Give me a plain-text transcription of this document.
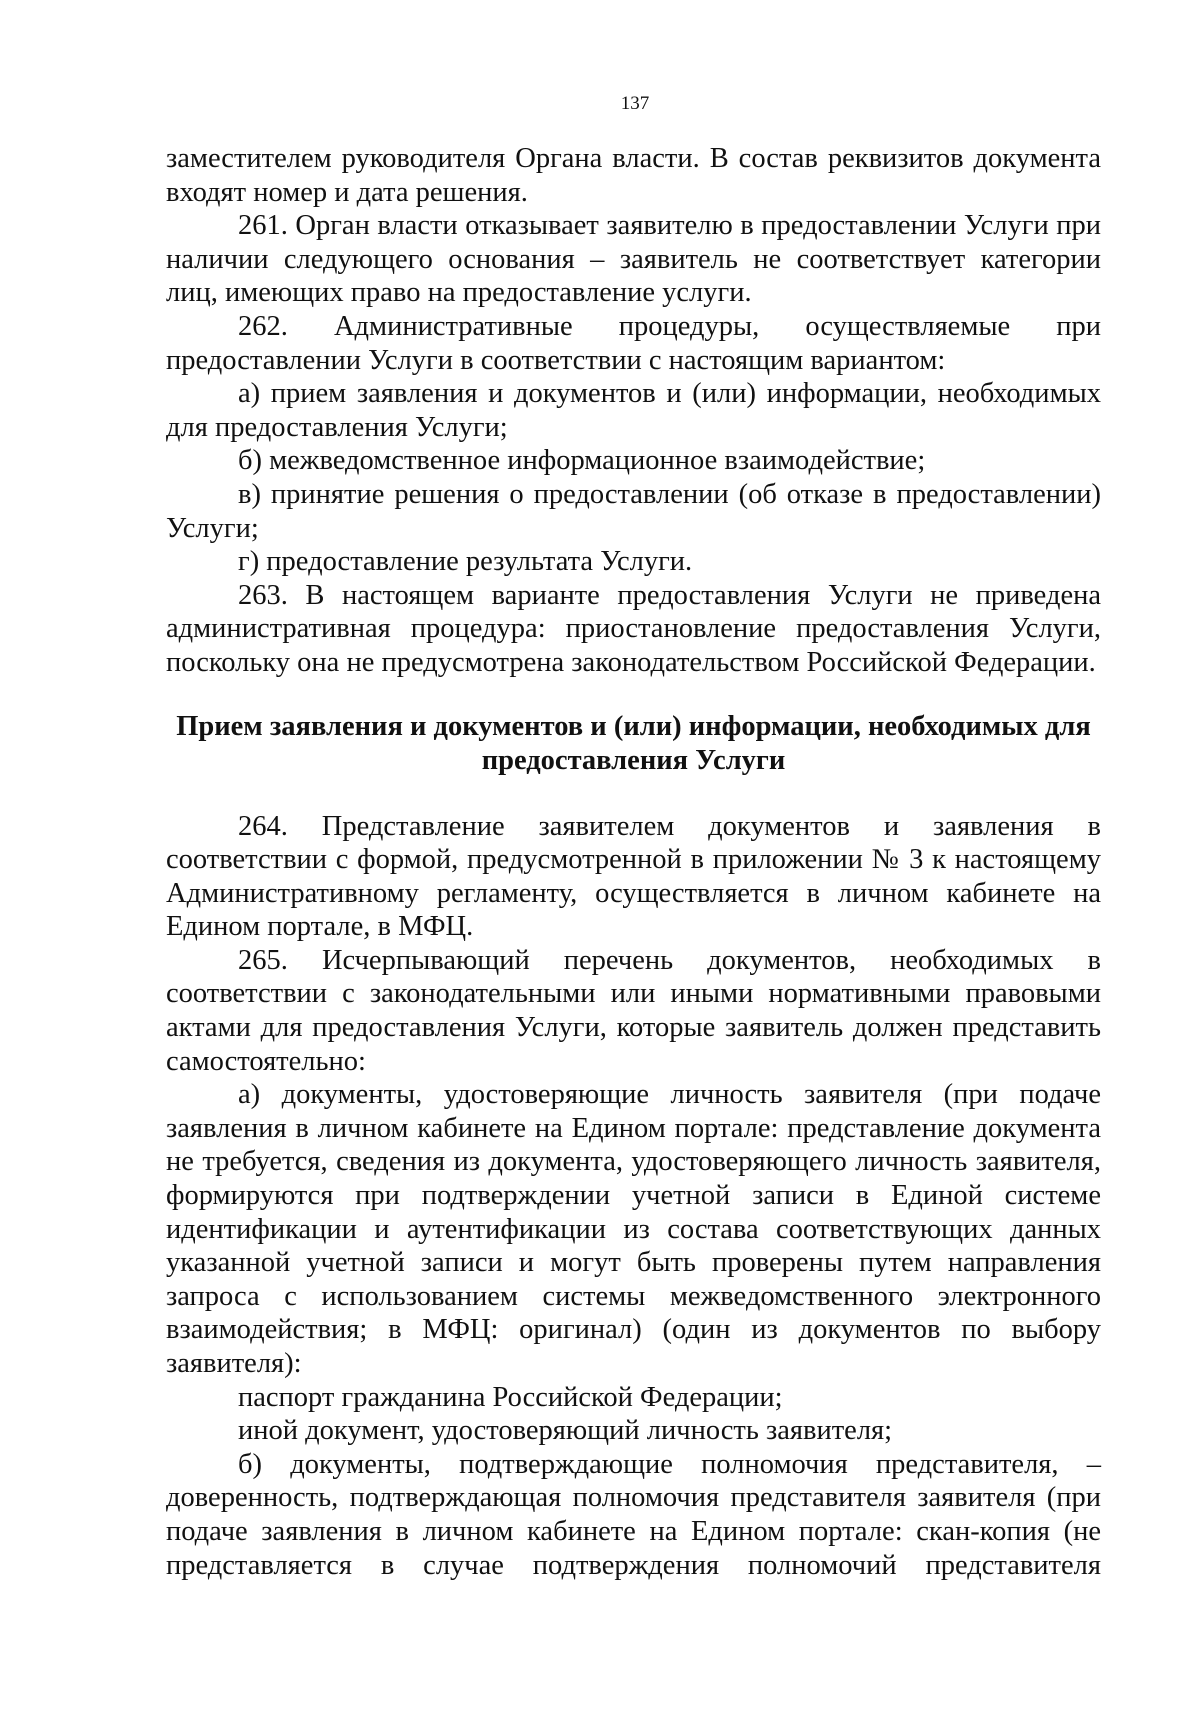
137

заместителем руководителя Органа власти. В состав реквизитов документа входят номер и дата решения.

261. Орган власти отказывает заявителю в предоставлении Услуги при наличии следующего основания – заявитель не соответствует категории лиц, имеющих право на предоставление услуги.

262. Административные процедуры, осуществляемые при предоставлении Услуги в соответствии с настоящим вариантом:

а) прием заявления и документов и (или) информации, необходимых для предоставления Услуги;

б) межведомственное информационное взаимодействие;

в) принятие решения о предоставлении (об отказе в предоставлении) Услуги;

г) предоставление результата Услуги.

263. В настоящем варианте предоставления Услуги не приведена административная процедура: приостановление предоставления Услуги, поскольку она не предусмотрена законодательством Российской Федерации.

Прием заявления и документов и (или) информации, необходимых для предоставления Услуги

264. Представление заявителем документов и заявления в соответствии с формой, предусмотренной в приложении № 3 к настоящему Административному регламенту, осуществляется в личном кабинете на Едином портале, в МФЦ.

265. Исчерпывающий перечень документов, необходимых в соответствии с законодательными или иными нормативными правовыми актами для предоставления Услуги, которые заявитель должен представить самостоятельно:

а) документы, удостоверяющие личность заявителя (при подаче заявления в личном кабинете на Едином портале: представление документа не требуется, сведения из документа, удостоверяющего личность заявителя, формируются при подтверждении учетной записи в Единой системе идентификации и аутентификации из состава соответствующих данных указанной учетной записи и могут быть проверены путем направления запроса с использованием системы межведомственного электронного взаимодействия; в МФЦ: оригинал) (один из документов по выбору заявителя):

паспорт гражданина Российской Федерации;

иной документ, удостоверяющий личность заявителя;

б) документы, подтверждающие полномочия представителя, – доверенность, подтверждающая полномочия представителя заявителя (при подаче заявления в личном кабинете на Едином портале: скан-копия (не представляется в случае подтверждения полномочий представителя
